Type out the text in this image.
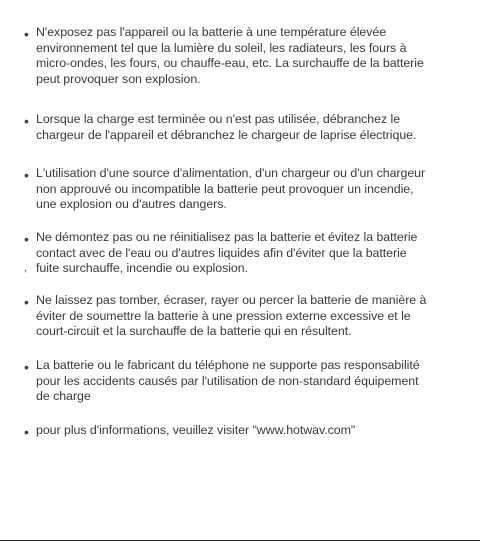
• N'exposez pas l'appareil ou la batterie à une température élevée
environnement tel que la lumière du soleil, les radiateurs, les fours à
micro-ondes, les fours, ou chauffe-eau, etc. La surchauffe de la batterie
peut provoquer son explosion.
• Lorsque la charge est terminée ou n'est pas utilisée, débranchez le
chargeur de l'appareil et débranchez le chargeur de laprise électrique.
• L'utilisation d'une source d'alimentation, d'un chargeur ou d'un chargeur
non approuvé ou incompatible la batterie peut provoquer un incendie,
une explosion ou d'autres dangers.
• Ne démontez pas ou ne réinitialisez pas la batterie et évitez la batterie
contact avec de l'eau ou d'autres liquides afin d'éviter que la batterie
fuite surchauffe, incendie ou explosion.
,
• Ne laissez pas tomber, écraser, rayer ou percer la batterie de manière à
éviter de soumettre la batterie à une pression externe excessive et le
court-circuit et la surchauffe de la batterie qui en résultent.
• La batterie ou le fabricant du téléphone ne supporte pas responsabilité
pour les accidents causés par l'utilisation de non-standard équipement
de charge
• pour plus d'informations, veuillez visiter "www.hotwav.com"
